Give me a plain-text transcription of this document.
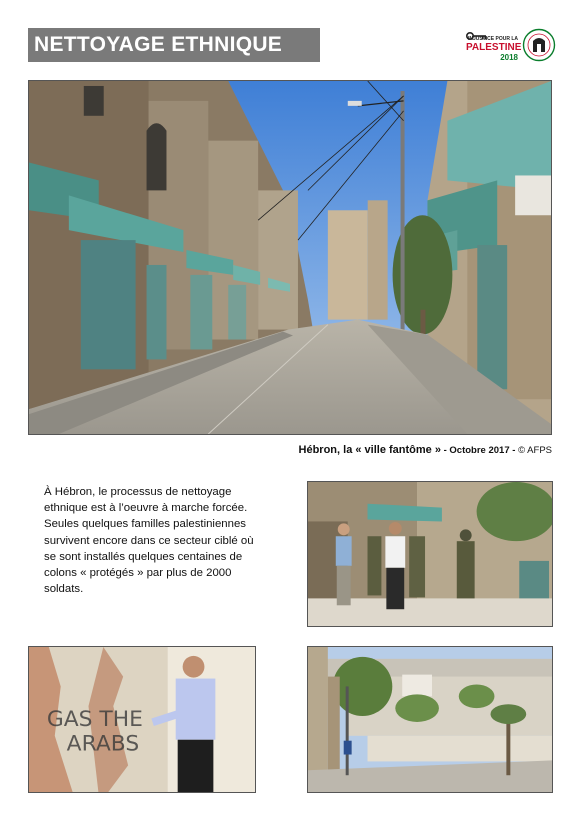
NETTOYAGE ETHNIQUE	INJUSTICE POUR LA
PALESTINE
2018
Hébron, la « ville fantôme » - Octobre 2017 - © AFPS
À Hébron, le processus de nettoyage ethnique est à l’oeuvre à marche forcée. Seules quelques familles palestiniennes survivent encore dans ce secteur ciblé où se sont installés quelques centaines de colons « protégés » par plus de 2000 soldats.
GAS THE
ARABS
